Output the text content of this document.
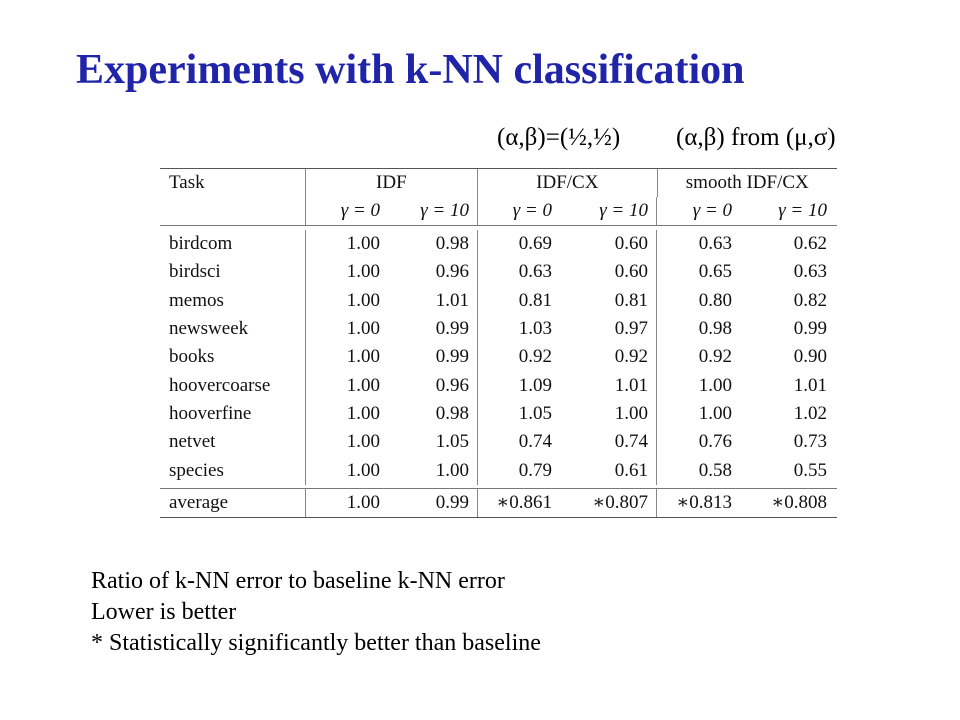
Experiments with k-NN classification
(α,β)=(½,½) (α,β) from (μ,σ)
Task	IDF	IDF/CX	smooth IDF/CX
γ = 0	γ = 10	γ = 0	γ = 10	γ = 0	γ = 10
birdcom	1.00	0.98	0.69	0.60	0.63	0.62
birdsci	1.00	0.96	0.63	0.60	0.65	0.63
memos	1.00	1.01	0.81	0.81	0.80	0.82
newsweek	1.00	0.99	1.03	0.97	0.98	0.99
books	1.00	0.99	0.92	0.92	0.92	0.90
hoovercoarse	1.00	0.96	1.09	1.01	1.00	1.01
hooverfine	1.00	0.98	1.05	1.00	1.00	1.02
netvet	1.00	1.05	0.74	0.74	0.76	0.73
species	1.00	1.00	0.79	0.61	0.58	0.55
average	1.00	0.99	∗0.861	∗0.807	∗0.813	∗0.808
Ratio of k-NN error to baseline k-NN error
Lower is better
* Statistically significantly better than baseline
